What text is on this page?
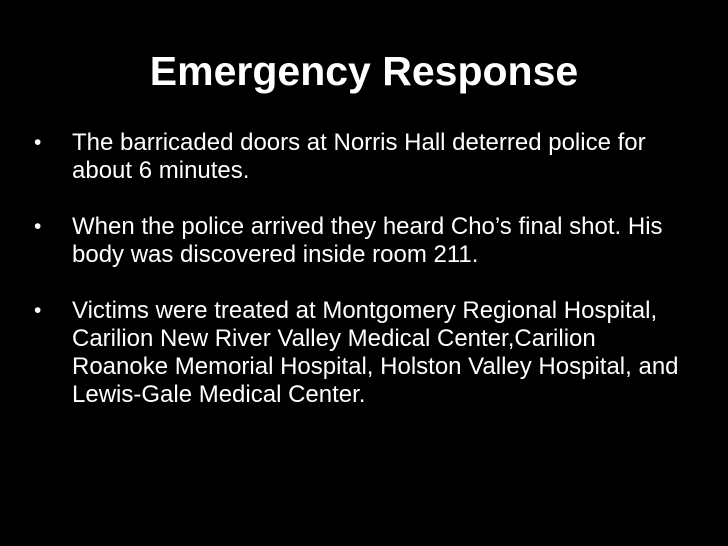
Emergency Response
• The barricaded doors at Norris Hall deterred police for about 6 minutes.
• When the police arrived they heard Cho’s final shot. His body was discovered inside room 211.
• Victims were treated at Montgomery Regional Hospital, Carilion New River Valley Medical Center,Carilion Roanoke Memorial Hospital, Holston Valley Hospital, and Lewis-Gale Medical Center.
